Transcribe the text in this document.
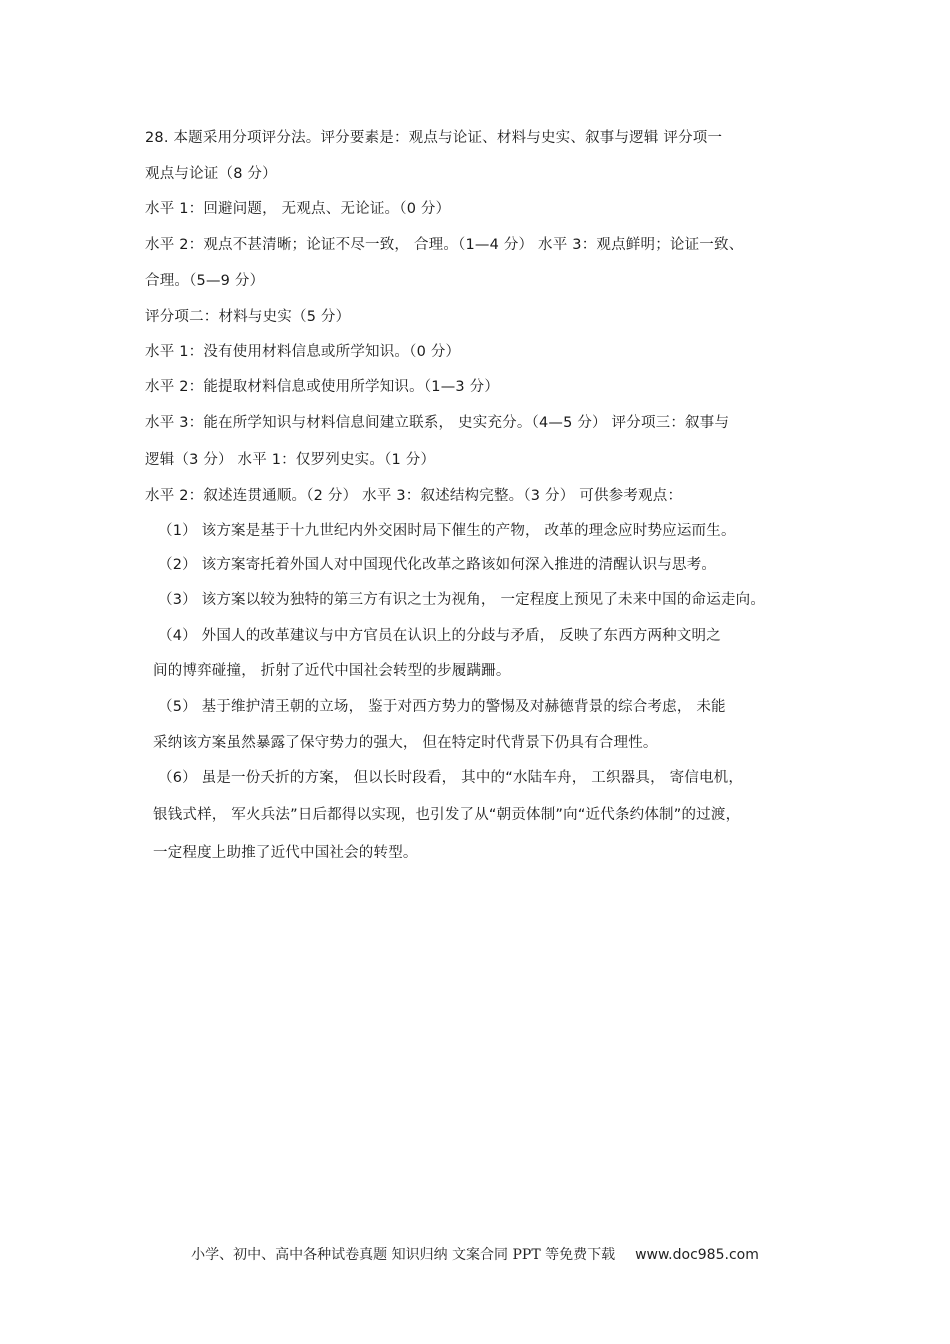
28. 本题采用分项评分法。评分要素是：观点与论证、材料与史实、叙事与逻辑 评分项一
观点与论证（8 分）
水平 1：回避问题， 无观点、无论证。（0 分）
水平 2：观点不甚清晰；论证不尽一致， 合理。（1—4 分） 水平 3：观点鲜明；论证一致、
合理。（5—9 分）
评分项二：材料与史实（5 分）
水平 1：没有使用材料信息或所学知识。（0 分）
水平 2：能提取材料信息或使用所学知识。（1—3 分）
水平 3：能在所学知识与材料信息间建立联系， 史实充分。（4—5 分） 评分项三：叙事与
逻辑（3 分） 水平 1：仅罗列史实。（1 分）
水平 2：叙述连贯通顺。（2 分） 水平 3：叙述结构完整。（3 分） 可供参考观点：
（1） 该方案是基于十九世纪内外交困时局下催生的产物， 改革的理念应时势应运而生。
（2） 该方案寄托着外国人对中国现代化改革之路该如何深入推进的清醒认识与思考。
（3） 该方案以较为独特的第三方有识之士为视角， 一定程度上预见了未来中国的命运走向。
（4） 外国人的改革建议与中方官员在认识上的分歧与矛盾， 反映了东西方两种文明之
间的博弈碰撞， 折射了近代中国社会转型的步履蹒跚。
（5） 基于维护清王朝的立场， 鉴于对西方势力的警惕及对赫德背景的综合考虑， 未能
采纳该方案虽然暴露了保守势力的强大， 但在特定时代背景下仍具有合理性。
（6） 虽是一份夭折的方案， 但以长时段看， 其中的“水陆车舟， 工织器具， 寄信电机，
银钱式样， 军火兵法”日后都得以实现，也引发了从“朝贡体制”向“近代条约体制”的过渡，
一定程度上助推了近代中国社会的转型。
小学、初中、高中各种试卷真题 知识归纳 文案合同 PPT 等免费下载 www.doc985.com
